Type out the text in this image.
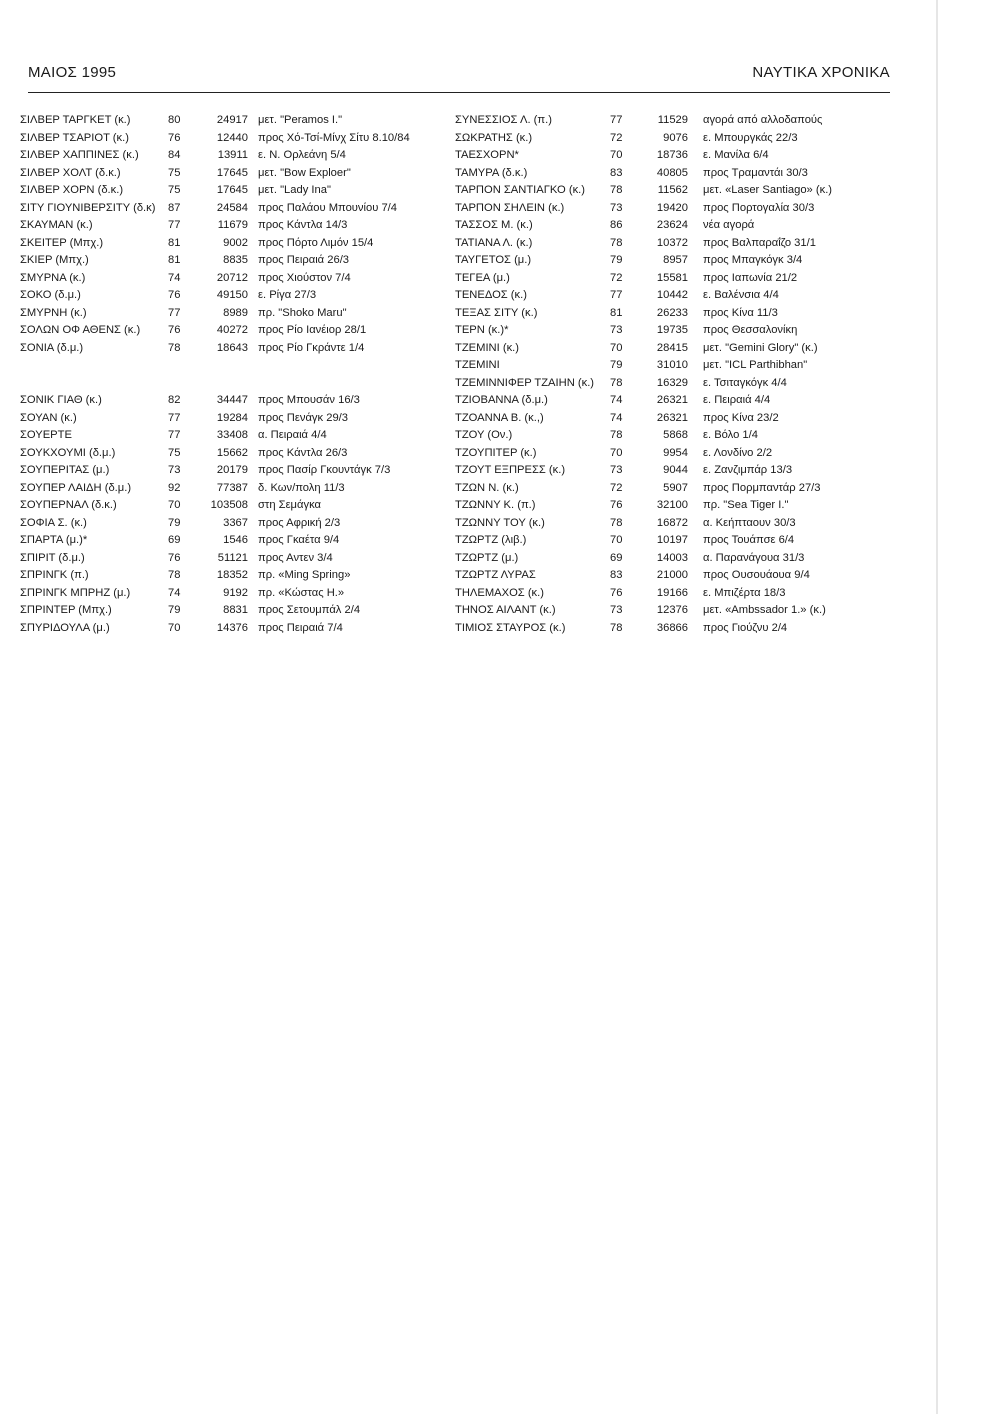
ΜΑΙΟΣ 1995	ΝΑΥΤΙΚΑ ΧΡΟΝΙΚΑ
ΣΙΛΒΕΡ ΤΑΡΓΚΕΤ (κ.)	80	24917 μετ. "Peramos I."
ΣΙΛΒΕΡ ΤΣΑΡΙΟΤ (κ.)	76	12440 προς Χό-Τσί-Μίνχ Σίτυ 8.10/84
ΣΙΛΒΕΡ ΧΑΠΠΙΝΕΣ (κ.)	84	13911 ε. Ν. Ορλεάνη 5/4
ΣΙΛΒΕΡ ΧΟΛΤ (δ.κ.)	75	17645 μετ. "Bow Exploer"
ΣΙΛΒΕΡ ΧΟΡΝ (δ.κ.)	75	17645 μετ. "Lady Ina"
ΣΙΤΥ ΓΙΟΥΝΙΒΕΡΣΙΤΥ (δ.κ)	87	24584 προς Παλάου Μπουνίου 7/4
ΣΚΑΥΜΑΝ (κ.)	77	11679 προς Κάντλα 14/3
ΣΚΕΙΤΕΡ (Μπχ.)	81	9002 προς Πόρτο Λιμόν 15/4
ΣΚΙΕΡ (Μπχ.)	81	8835 προς Πειραιά 26/3
ΣΜΥΡΝΑ (κ.)	74	20712 προς Χιούστον 7/4
ΣΟΚΟ (δ.μ.)	76	49150 ε. Ρίγα 27/3
ΣΜΥΡΝΗ (κ.)	77	8989 πρ. "Shoko Maru"
ΣΟΛΩΝ ΟΦ ΑΘΕΝΣ (κ.)	76	40272 προς Ρίο Ιανέιορ 28/1
ΣΟΝΙΑ (δ.μ.)	78	18643 προς Ρίο Γκράντε 1/4
ΣΟΝΙΚ ΓΙΑΘ (κ.)	82	34447 προς Μπουσάν 16/3
ΣΟΥΑΝ (κ.)	77	19284 προς Πενάγκ 29/3
ΣΟΥΕΡΤΕ	77	33408 α. Πειραιά 4/4
ΣΟΥΚΧΟΥΜΙ (δ.μ.)	75	15662 προς Κάντλα 26/3
ΣΟΥΠΕΡΙΤΑΣ (μ.)	73	20179 προς Πασίρ Γκουντάγκ 7/3
ΣΟΥΠΕΡ ΛΑΙΔΗ (δ.μ.)	92	77387 δ. Κων/πολη 11/3
ΣΟΥΠΕΡΝΑΛ (δ.κ.)	70	103508 στη Σεμάγκα
ΣΟΦΙΑ Σ. (κ.)	79	3367 προς Αφρική 2/3
ΣΠΑΡΤΑ (μ.)*	69	1546 προς Γκαέτα 9/4
ΣΠΙΡΙΤ (δ.μ.)	76	51121 προς Αντεν 3/4
ΣΠΡΙΝΓΚ (π.)	78	18352 πρ. «Ming Spring»
ΣΠΡΙΝΓΚ ΜΠΡΗΖ (μ.)	74	9192 πρ. «Κώστας Η.»
ΣΠΡΙΝΤΕΡ (Μπχ.)	79	8831 προς Σετουμπάλ 2/4
ΣΠΥΡΙΔΟΥΛΑ (μ.)	70	14376 προς Πειραιά 7/4
ΣΥΝΕΣΣΙΟΣ Λ. (π.)	77	11529 αγορά από αλλοδαπούς
ΣΩΚΡΑΤΗΣ (κ.)	72	9076 ε. Μπουργκάς 22/3
ΤΑΕΣΧΟΡΝ*	70	18736 ε. Μανίλα 6/4
ΤΑΜΥΡΑ (δ.κ.)	83	40805 προς Τραμαντάι 30/3
ΤΑΡΠΟΝ ΣΑΝΤΙΑΓΚΟ (κ.)	78	11562 μετ. «Laser Santiago» (κ.)
ΤΑΡΠΟΝ ΣΗΛΕΙΝ (κ.)	73	19420 προς Πορτογαλία 30/3
ΤΑΣΣΟΣ Μ. (κ.)	86	23624 νέα αγορά
ΤΑΤΙΑΝΑ Λ. (κ.)	78	10372 προς Βαλπαραΐζο 31/1
ΤΑΥΓΕΤΟΣ (μ.)	79	8957 προς Μπαγκόγκ 3/4
ΤΕΓΕΑ (μ.)	72	15581 προς Ιαπωνία 21/2
ΤΕΝΕΔΟΣ (κ.)	77	10442 ε. Βαλένσια 4/4
ΤΕΞΑΣ ΣΙΤΥ (κ.)	81	26233 προς Κίνα 11/3
ΤΕΡΝ (κ.)*	73	19735 προς Θεσσαλονίκη
ΤΖΕΜΙΝΙ (κ.)	70	28415 μετ. "Gemini Glory" (κ.)
ΤΖΕΜΙΝΙ	79	31010 μετ. "ICL Parthibhan"
ΤΖΕΜΙΝΝΙΦΕΡ ΤΖΑΙΗΝ (κ.)	78	16329 ε. Τσιταγκόγκ 4/4
ΤΖΙΟΒΑΝΝΑ (δ.μ.)	74	26321 ε. Πειραιά 4/4
ΤΖΟΑΝΝΑ Β. (κ.,)	74	26321 προς Κίνα 23/2
ΤΖΟΥ (Ον.)	78	5868 ε. Βόλο 1/4
ΤΖΟΥΠΙΤΕΡ (κ.)	70	9954 ε. Λονδίνο 2/2
ΤΖΟΥΤ ΕΞΠΡΕΣΣ (κ.)	73	9044 ε. Ζανζιμπάρ 13/3
ΤΖΩΝ Ν. (κ.)	72	5907 προς Πορμπαντάρ 27/3
ΤΖΩΝΝΥ Κ. (π.)	76	32100 πρ. "Sea Tiger I."
ΤΖΩΝΝΥ ΤΟΥ (κ.)	78	16872 α. Κεήπταουν 30/3
ΤΖΩΡΤΖ (λιβ.)	70	10197 προς Τουάπσε 6/4
ΤΖΩΡΤΖ (μ.)	69	14003 α. Παρανάγουα 31/3
ΤΖΩΡΤΖ ΛΥΡΑΣ	83	21000 προς Ουσουάουα 9/4
ΤΗΛΕΜΑΧΟΣ (κ.)	76	19166 ε. Μπιζέρτα 18/3
ΤΗΝΟΣ ΑΙΛΑΝΤ (κ.)	73	12376 μετ. «Ambssador 1.» (κ.)
ΤΙΜΙΟΣ ΣΤΑΥΡΟΣ (κ.)	78	36866 προς Γιούζνυ 2/4
